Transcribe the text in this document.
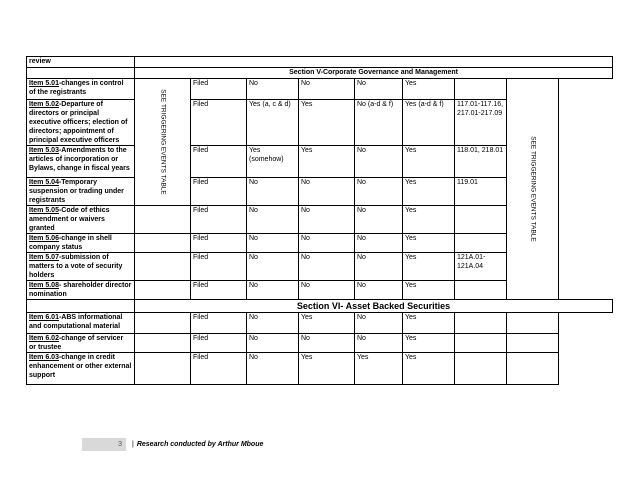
review								
	Section V-Corporate Governance and Management							
Item 5.01-changes in control of the registrants	SEE TRIGGERING EVENTS TABLE	Filed	No	No	No	Yes		SEE TRIGGERING EVENTS TABLE

Item 5.02-Departure of directors or principal executive officers; election of directors; appointment of principal executive officers		Filed	Yes (a, c & d)	Yes	No (a-d & f)	Yes (a-d & f)	117.01-117.16, 217.01-217.09	
Item 5.03-Amendments to the articles of incorporation or Bylaws, change in fiscal years		Filed	Yes (somehow)	Yes	No	Yes	118.01, 218.01	
Item 5.04-Temporary suspension or trading under registrants		Filed	No	No	No	Yes	119.01	
Item 5.05-Code of ethics amendment or waivers granted		Filed	No	No	No	Yes		
Item 5.06-change in shell company status		Filed	No	No	No	Yes		
Item 5.07-submission of matters to a vote of security holders		Filed	No	No	No	Yes	121A.01-121A.04	
Item 5.08- shareholder director nomination		Filed	No	No	No	Yes		
	Section VI- Asset Backed Securities							
Item 6.01-ABS informational and computational material		Filed	No	Yes	No	Yes		
Item 6.02-change of servicer or trustee		Filed	No	No	No	Yes		
Item 6.03-change in credit enhancement or other external support		Filed	No	Yes	Yes	Yes		
3	| Research conducted by Arthur Mboue
